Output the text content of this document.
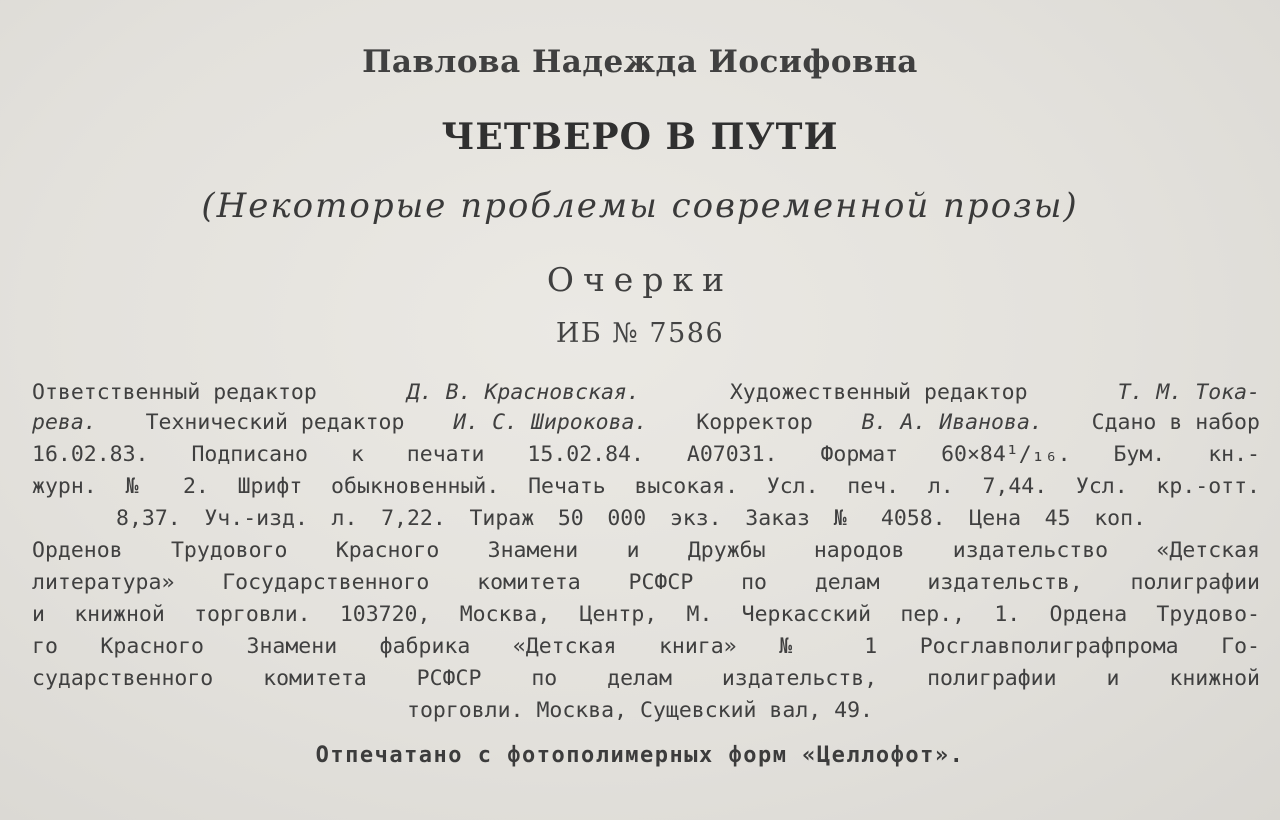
Павлова Надежда Иосифовна
ЧЕТВЕРО В ПУТИ
(Некоторые проблемы современной прозы)
Очерки
ИБ № 7586
Ответственный редактор	Д. В. Красновская.	Художественный редактор	Т. М. Тока-
рева. Технический редактор И. С. Широкова. Корректор В. А. Иванова. Сдано в набор
16.02.83. Подписано к печати 15.02.84. А07031. Формат 60×84¹/₁₆. Бум. кн.-
журн. № 2. Шрифт обыкновенный. Печать высокая. Усл. печ. л. 7,44. Усл. кр.-отт.
8,37. Уч.-изд. л. 7,22. Тираж 50 000 экз. Заказ № 4058. Цена 45 коп.
Орденов Трудового Красного Знамени и Дружбы народов издательство «Детская
литература» Государственного комитета РСФСР по делам издательств, полиграфии
и книжной торговли. 103720, Москва, Центр, М. Черкасский пер., 1. Ордена Трудово-
го Красного Знамени фабрика «Детская книга» № 1 Росглавполиграфпрома Го-
сударственного комитета РСФСР по делам издательств, полиграфии и книжной
торговли. Москва, Сущевский вал, 49.
Отпечатано с фотополимерных форм «Целлофот».
